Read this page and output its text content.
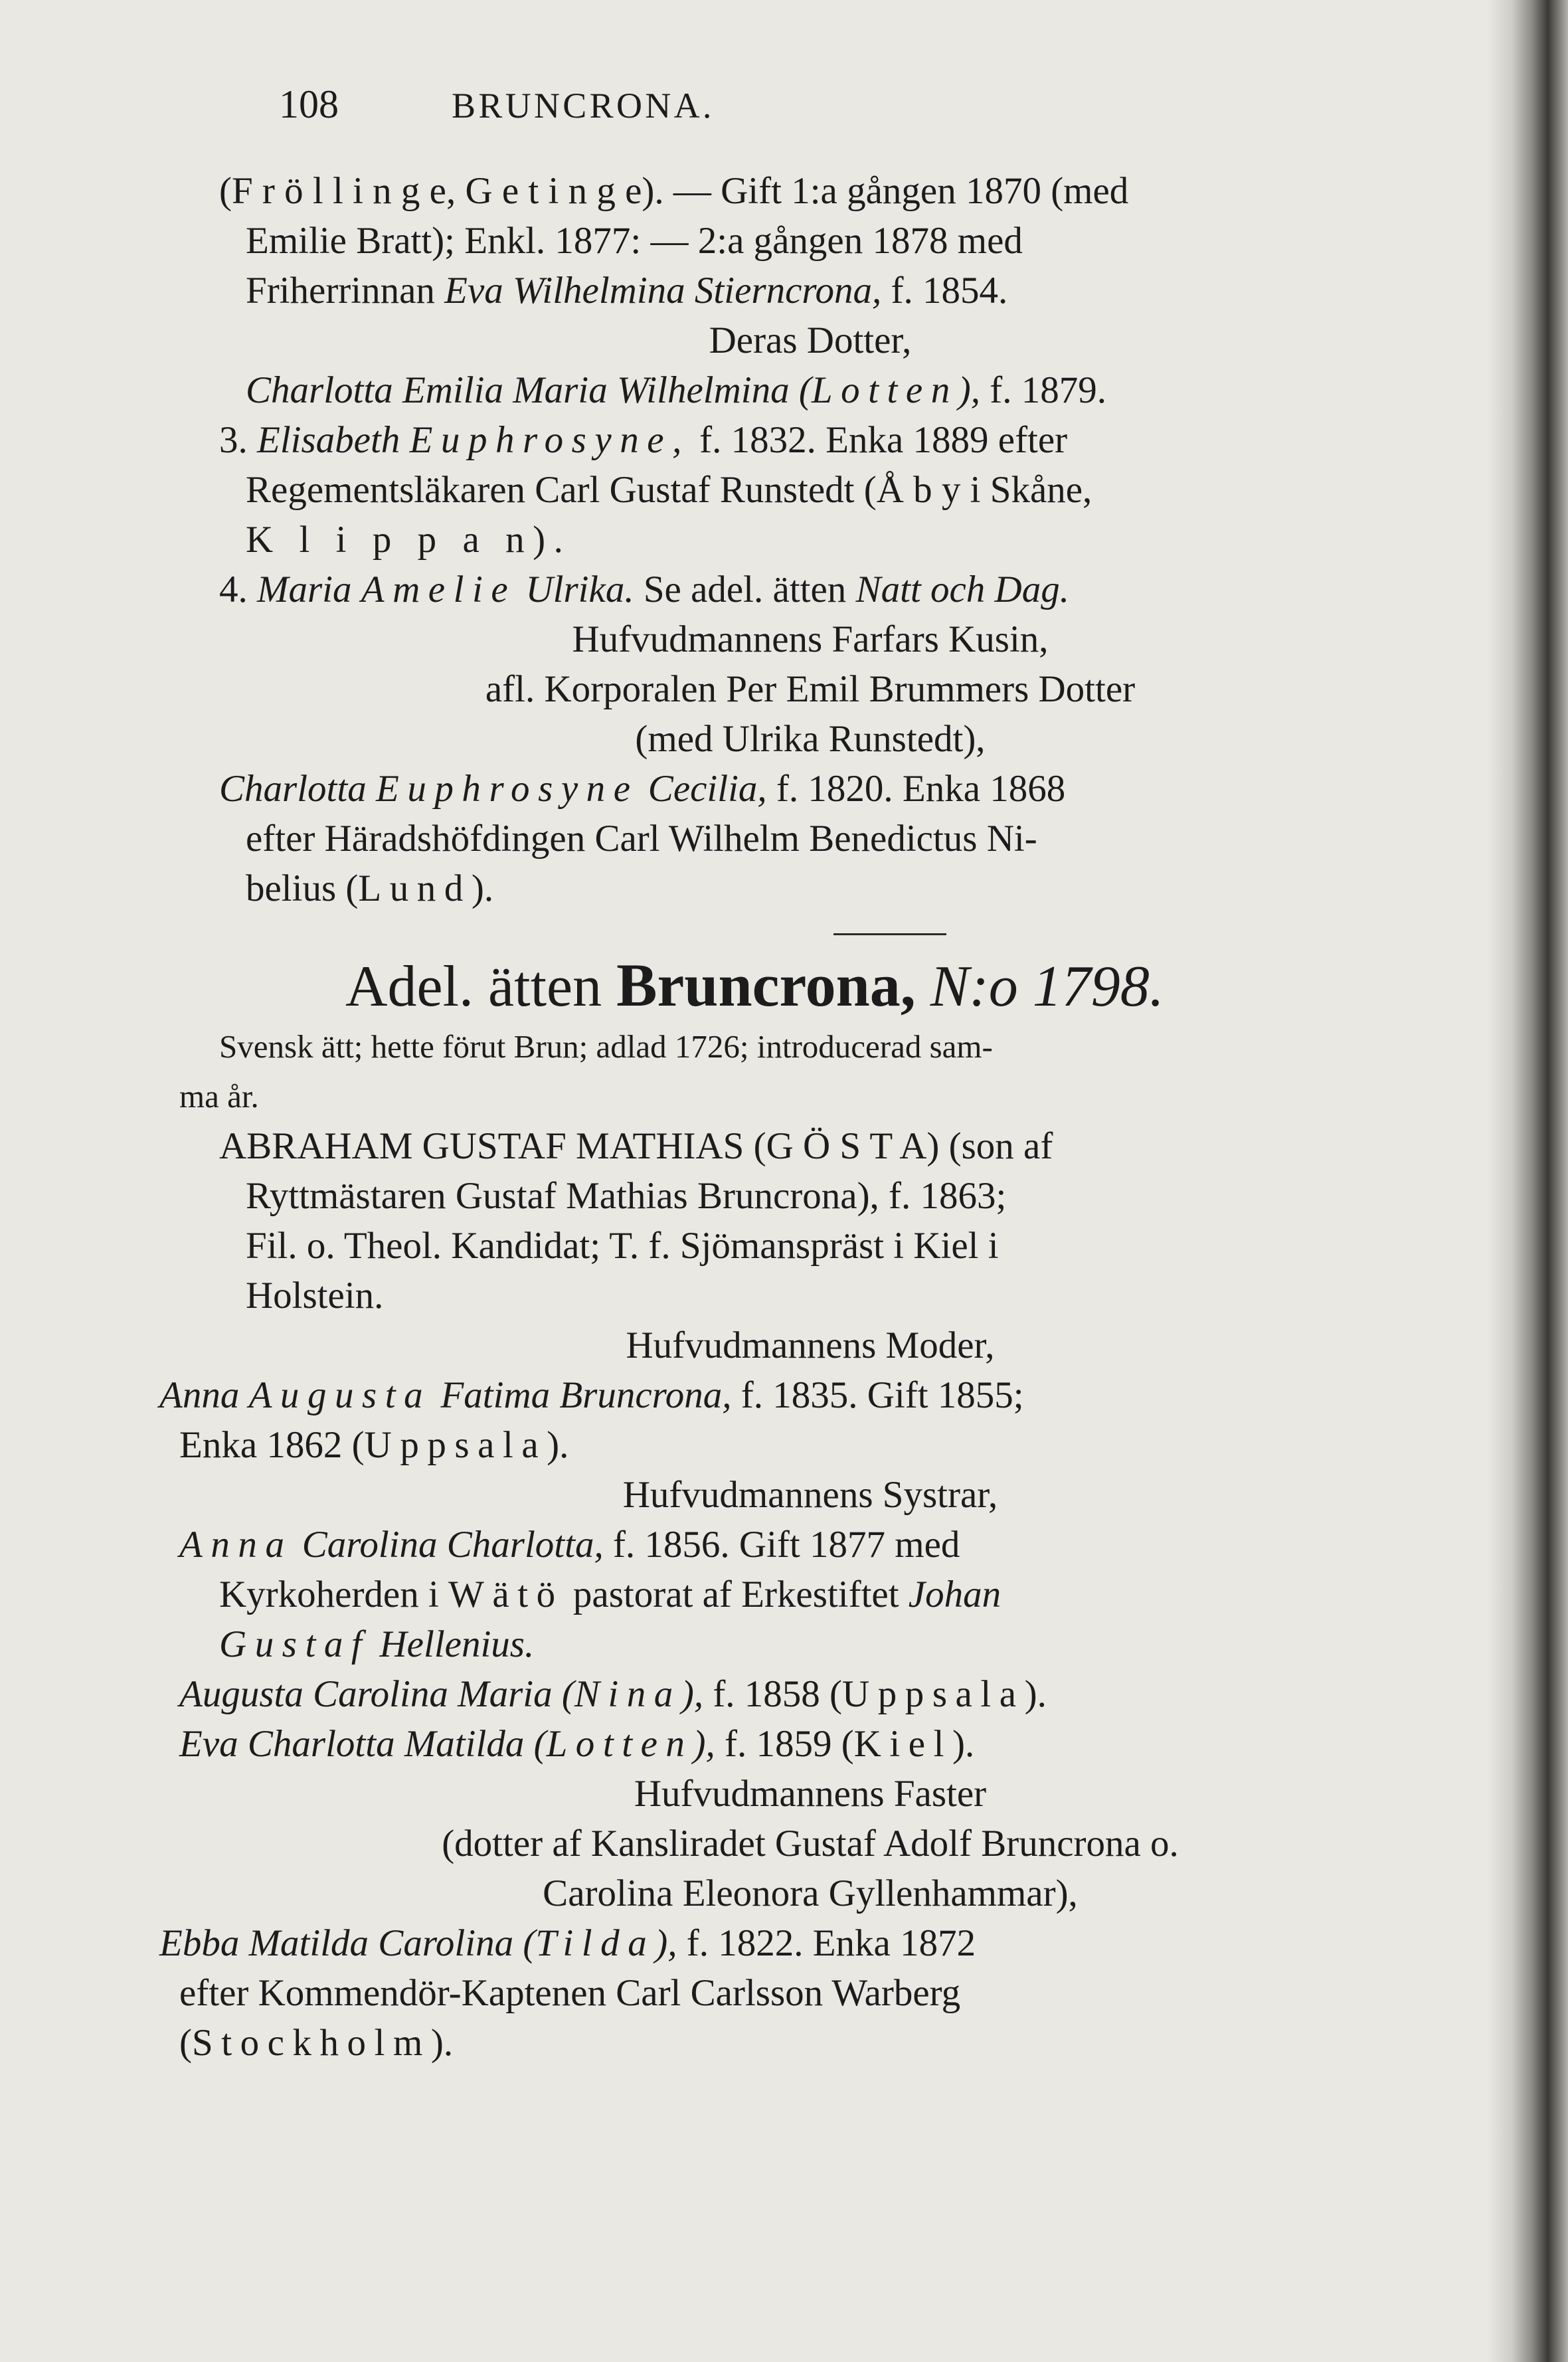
108	BRUNCRONA.
(F r ö l l i n g e, G e t i n g e). — Gift 1:a gången 1870 (med
Emilie Bratt); Enkl. 1877: — 2:a gången 1878 med
Friherrinnan Eva Wilhelmina Stierncrona, f. 1854.
Deras Dotter,
Charlotta Emilia Maria Wilhelmina (Lotten), f. 1879.
3. Elisabeth Euphrosyne, f. 1832. Enka 1889 efter
Regementsläkaren Carl Gustaf Runstedt (Å b y i Skåne,
K l i p p a n).
4. Maria Amelie Ulrika. Se adel. ätten Natt och Dag.
Hufvudmannens Farfars Kusin,
afl. Korporalen Per Emil Brummers Dotter
(med Ulrika Runstedt),
Charlotta Euphrosyne Cecilia, f. 1820. Enka 1868
efter Häradshöfdingen Carl Wilhelm Benedictus Ni-
belius (Lund).
Adel. ätten Bruncrona, N:o 1798.
Svensk ätt; hette förut Brun; adlad 1726; introducerad sam-
ma år.
ABRAHAM GUSTAF MATHIAS (G Ö S T A) (son af
Ryttmästaren Gustaf Mathias Bruncrona), f. 1863;
Fil. o. Theol. Kandidat; T. f. Sjömanspräst i Kiel i
Holstein.
Hufvudmannens Moder,
Anna Augusta Fatima Bruncrona, f. 1835. Gift 1855;
Enka 1862 (Uppsala).
Hufvudmannens Systrar,
Anna Carolina Charlotta, f. 1856. Gift 1877 med
Kyrkoherden i Wätö pastorat af Erkestiftet Johan
Gustaf Hellenius.
Augusta Carolina Maria (Nina), f. 1858 (Uppsala).
Eva Charlotta Matilda (Lotten), f. 1859 (Kiel).
Hufvudmannens Faster
(dotter af Kansliradet Gustaf Adolf Bruncrona o.
Carolina Eleonora Gyllenhammar),
Ebba Matilda Carolina (Tilda), f. 1822. Enka 1872
efter Kommendör-Kaptenen Carl Carlsson Warberg
(Stockholm).
